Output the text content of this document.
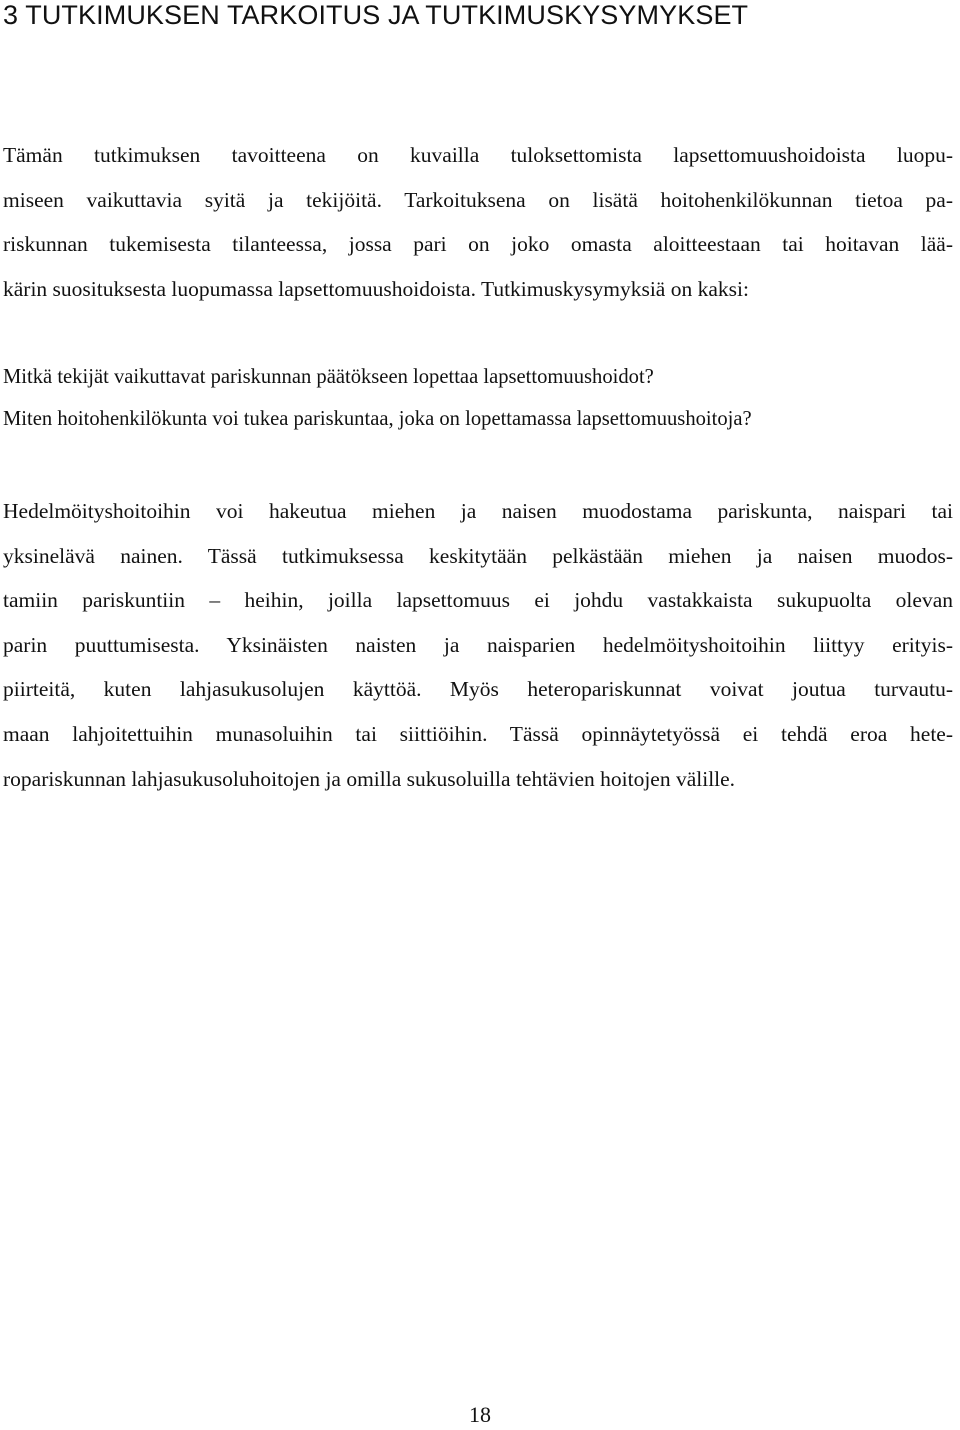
3 TUTKIMUKSEN TARKOITUS JA TUTKIMUSKYSYMYKSET
Tämän tutkimuksen tavoitteena on kuvailla tuloksettomista lapsettomuushoidoista luopu-
miseen vaikuttavia syitä ja tekijöitä. Tarkoituksena on lisätä hoitohenkilökunnan tietoa pa-
riskunnan tukemisesta tilanteessa, jossa pari on joko omasta aloitteestaan tai hoitavan lää-
kärin suosituksesta luopumassa lapsettomuushoidoista. Tutkimuskysymyksiä on kaksi:
Mitkä tekijät vaikuttavat pariskunnan päätökseen lopettaa lapsettomuushoidot?
Miten hoitohenkilökunta voi tukea pariskuntaa, joka on lopettamassa lapsettomuushoitoja?
Hedelmöityshoitoihin voi hakeutua miehen ja naisen muodostama pariskunta, naispari tai
yksinelävä nainen. Tässä tutkimuksessa keskitytään pelkästään miehen ja naisen muodos-
tamiin pariskuntiin – heihin, joilla lapsettomuus ei johdu vastakkaista sukupuolta olevan
parin puuttumisesta. Yksinäisten naisten ja naisparien hedelmöityshoitoihin liittyy erityis-
piirteitä, kuten lahjasukusolujen käyttöä. Myös heteropariskunnat voivat joutua turvautu-
maan lahjoitettuihin munasoluihin tai siittiöihin. Tässä opinnäytetyössä ei tehdä eroa hete-
ropariskunnan lahjasukusoluhoitojen ja omilla sukusoluilla tehtävien hoitojen välille.
18
